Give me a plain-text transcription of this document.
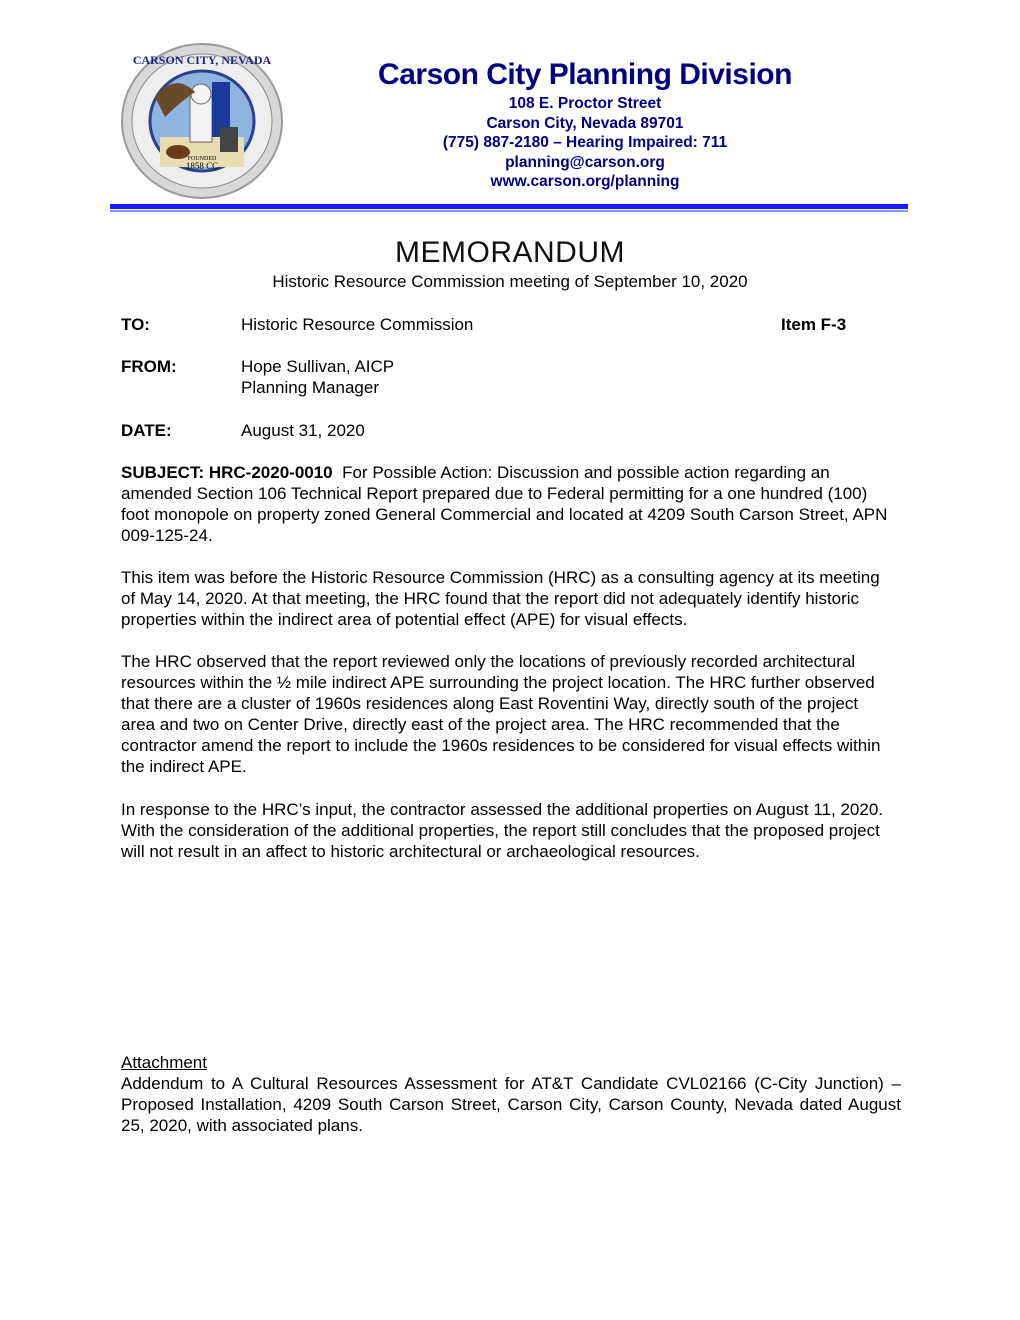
FOUNDED
1858 CC
CARSON CITY, NEVADA	Carson City Planning Division
108 E. Proctor Street
Carson City, Nevada 89701
(775) 887-2180 – Hearing Impaired: 711
planning@carson.org
www.carson.org/planning
MEMORANDUM
Historic Resource Commission meeting of September 10, 2020
TO:	Historic Resource Commission	Item F-3
FROM:	Hope Sullivan, AICP
Planning Manager
DATE:	August 31, 2020
SUBJECT: HRC-2020-0010 For Possible Action: Discussion and possible action regarding an amended Section 106 Technical Report prepared due to Federal permitting for a one hundred (100) foot monopole on property zoned General Commercial and located at 4209 South Carson Street, APN 009-125-24.
This item was before the Historic Resource Commission (HRC) as a consulting agency at its meeting of May 14, 2020. At that meeting, the HRC found that the report did not adequately identify historic properties within the indirect area of potential effect (APE) for visual effects.
The HRC observed that the report reviewed only the locations of previously recorded architectural resources within the ½ mile indirect APE surrounding the project location. The HRC further observed that there are a cluster of 1960s residences along East Roventini Way, directly south of the project area and two on Center Drive, directly east of the project area. The HRC recommended that the contractor amend the report to include the 1960s residences to be considered for visual effects within the indirect APE.
In response to the HRC’s input, the contractor assessed the additional properties on August 11, 2020. With the consideration of the additional properties, the report still concludes that the proposed project will not result in an affect to historic architectural or archaeological resources.
Attachment
Addendum to A Cultural Resources Assessment for AT&T Candidate CVL02166 (C-City Junction) – Proposed Installation, 4209 South Carson Street, Carson City, Carson County, Nevada dated August 25, 2020, with associated plans.
